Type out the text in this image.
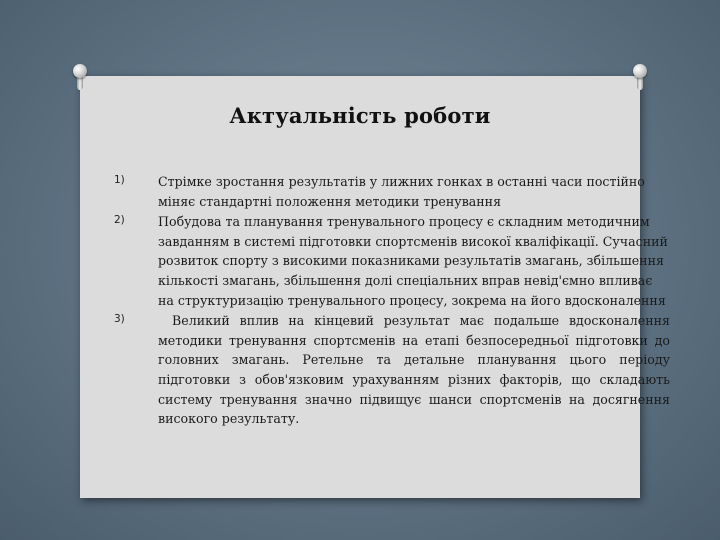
Актуальність роботи
1)	Стрімке зростання результатів у лижних гонках в останні часи постійно міняє стандартні положення методики тренування
2)	Побудова та планування тренувального процесу є складним методичним завданням в системі підготовки спортсменів високої кваліфікації. Сучасний розвиток спорту з високими показниками результатів змагань, збільшення кількості змагань, збільшення долі спеціальних вправ невід'ємно впливає на структуризацію тренувального процесу, зокрема на його вдосконалення
3)	Великий вплив на кінцевий результат має подальше вдосконалення методики тренування спортсменів на етапі безпосередньої підготовки до головних змагань. Ретельне та детальне планування цього періоду підготовки з обов'язковим урахуванням різних факторів, що складають систему тренування значно підвищує шанси спортсменів на досягнення високого результату.
